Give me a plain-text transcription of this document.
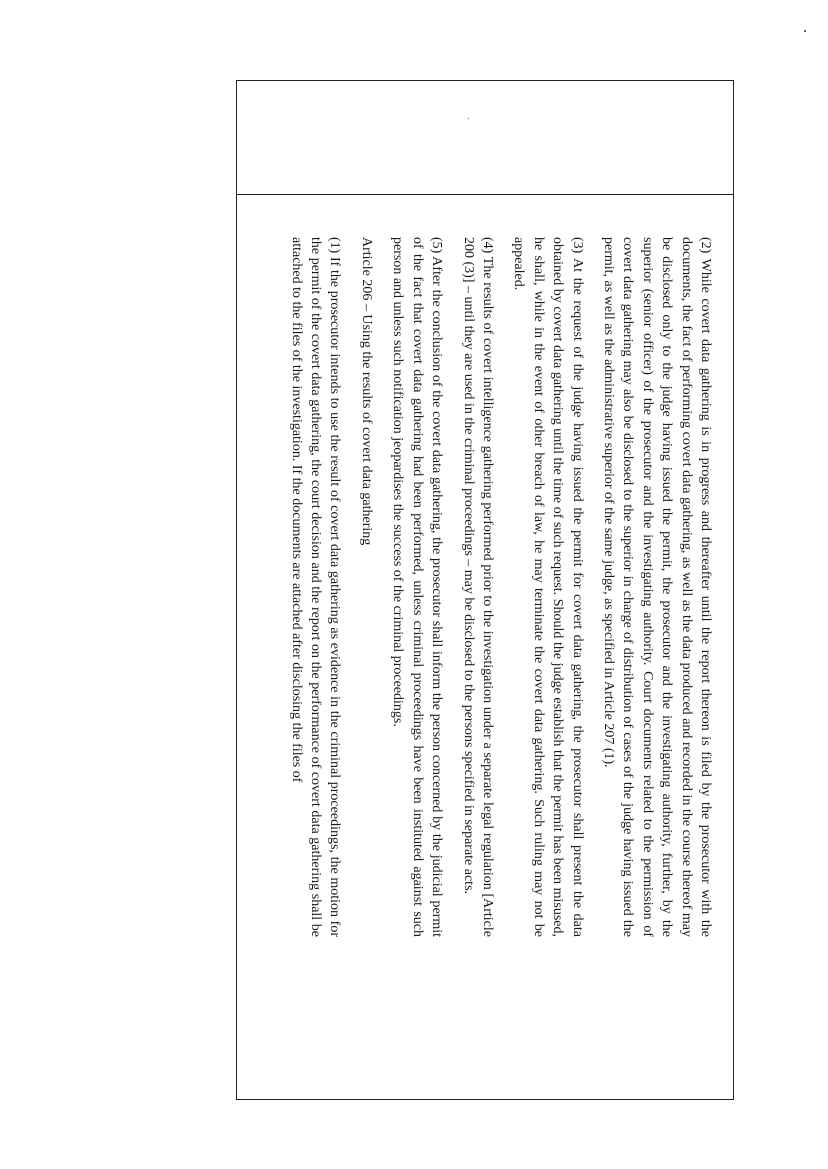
(2) While covert data gathering is in progress and thereafter until the report thereon is filed by the prosecutor with the documents, the fact of performing covert data gathering, as well as the data produced and recorded in the course thereof may be disclosed only to the judge having issued the permit, the prosecutor and the investigating authority, further, by the superior (senior officer) of the prosecutor and the investigating authority. Court documents related to the permission of covert data gathering may also be disclosed to the superior in charge of distribution of cases of the judge having issued the permit, as well as the administrative superior of the same judge, as specified in Article 207 (1).

(3) At the request of the judge having issued the permit for covert data gathering, the prosecutor shall present the data obtained by covert data gathering until the time of such request. Should the judge establish that the permit has been misused, he shall, while in the event of other breach of law, he may terminate the covert data gathering. Such ruling may not be appealed.

(4) The results of covert intelligence gathering performed prior to the investigation under a separate legal regulation [Article 200 (3)] – until they are used in the criminal proceedings – may be disclosed to the persons specified in separate acts.

(5) After the conclusion of the covert data gathering, the prosecutor shall inform the person concerned by the judicial permit of the fact that covert data gathering had been performed, unless criminal proceedings have been instituted against such person and unless such notification jeopardises the success of the criminal proceedings.

Article 206 – Using the results of covert data gathering

(1) If the prosecutor intends to use the result of covert data gathering as evidence in the criminal proceedings, the motion for the permit of the covert data gathering, the court decision and the report on the performance of covert data gathering shall be attached to the files of the investigation. If the documents are attached after disclosing the files of
